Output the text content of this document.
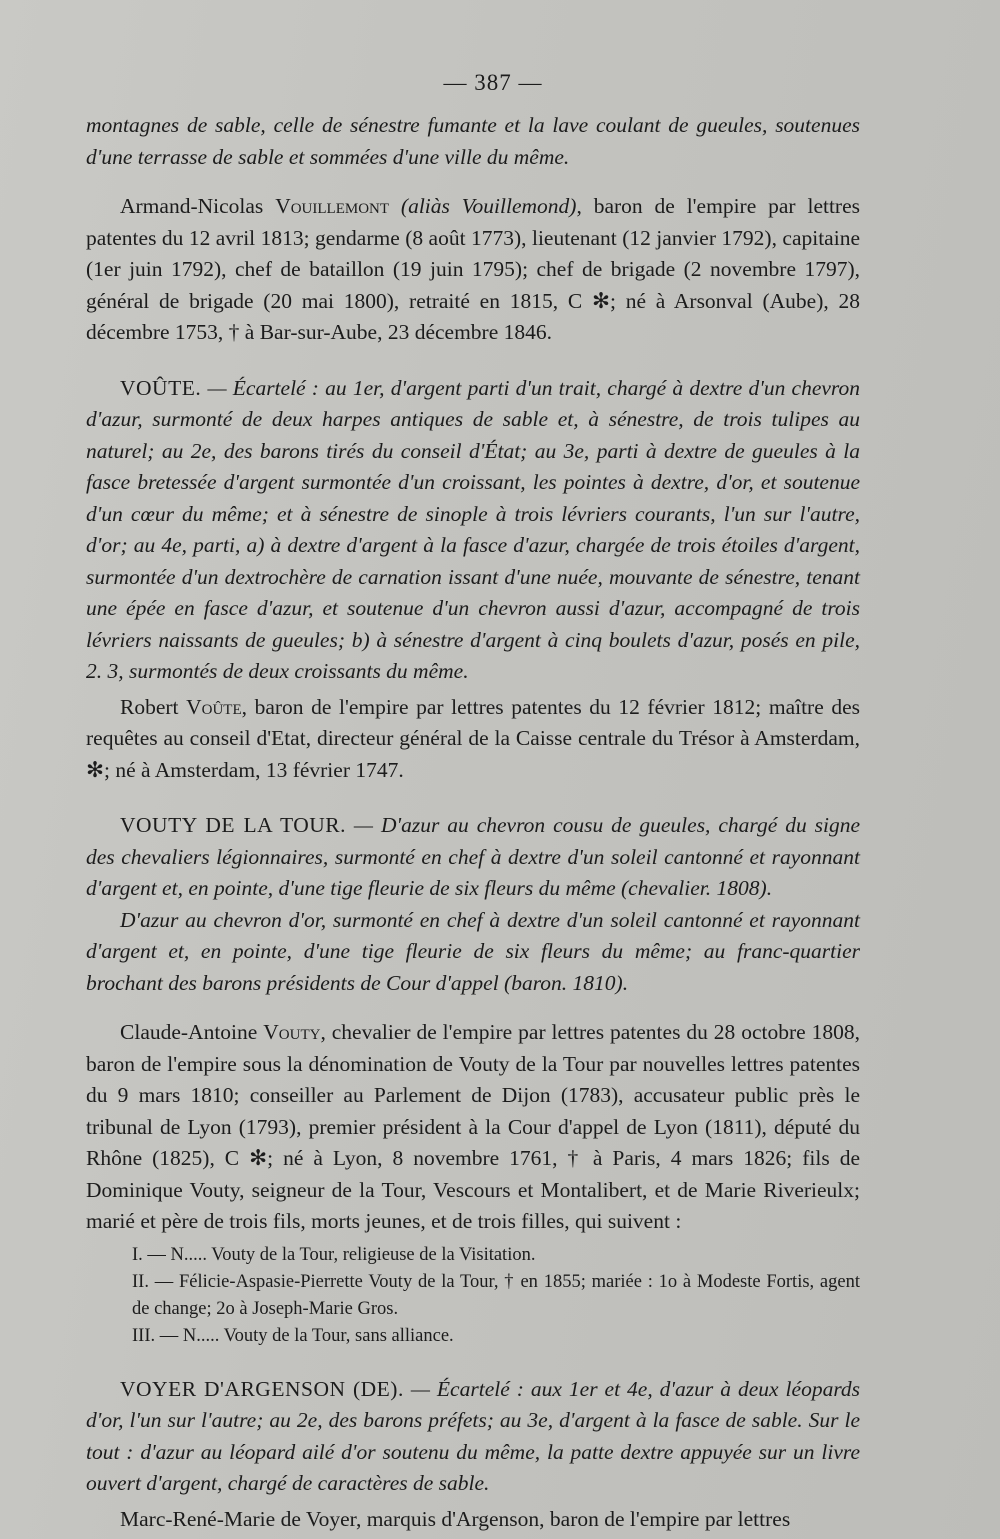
— 387 —

montagnes de sable, celle de sénestre fumante et la lave coulant de gueules, soutenues d'une terrasse de sable et sommées d'une ville du même.

Armand-Nicolas Vouillemont (aliàs Vouillemond), baron de l'empire par lettres patentes du 12 avril 1813; gendarme (8 août 1773), lieutenant (12 janvier 1792), capitaine (1er juin 1792), chef de bataillon (19 juin 1795); chef de brigade (2 novembre 1797), général de brigade (20 mai 1800), retraité en 1815, C ✻; né à Arsonval (Aube), 28 décembre 1753, † à Bar-sur-Aube, 23 décembre 1846.

VOÛTE. — Écartelé : au 1er, d'argent parti d'un trait, chargé à dextre d'un chevron d'azur, surmonté de deux harpes antiques de sable et, à sénestre, de trois tulipes au naturel; au 2e, des barons tirés du conseil d'État; au 3e, parti à dextre de gueules à la fasce bretessée d'argent surmontée d'un croissant, les pointes à dextre, d'or, et soutenue d'un cœur du même; et à sénestre de sinople à trois lévriers courants, l'un sur l'autre, d'or; au 4e, parti, a) à dextre d'argent à la fasce d'azur, chargée de trois étoiles d'argent, surmontée d'un dextrochère de carnation issant d'une nuée, mouvante de sénestre, tenant une épée en fasce d'azur, et soutenue d'un chevron aussi d'azur, accompagné de trois lévriers naissants de gueules; b) à sénestre d'argent à cinq boulets d'azur, posés en pile, 2. 3, surmontés de deux croissants du même.

Robert Voûte, baron de l'empire par lettres patentes du 12 février 1812; maître des requêtes au conseil d'Etat, directeur général de la Caisse centrale du Trésor à Amsterdam, ✻; né à Amsterdam, 13 février 1747.

VOUTY DE LA TOUR. — D'azur au chevron cousu de gueules, chargé du signe des chevaliers légionnaires, surmonté en chef à dextre d'un soleil cantonné et rayonnant d'argent et, en pointe, d'une tige fleurie de six fleurs du même (chevalier. 1808).

D'azur au chevron d'or, surmonté en chef à dextre d'un soleil cantonné et rayonnant d'argent et, en pointe, d'une tige fleurie de six fleurs du même; au franc-quartier brochant des barons présidents de Cour d'appel (baron. 1810).

Claude-Antoine Vouty, chevalier de l'empire par lettres patentes du 28 octobre 1808, baron de l'empire sous la dénomination de Vouty de la Tour par nouvelles lettres patentes du 9 mars 1810; conseiller au Parlement de Dijon (1783), accusateur public près le tribunal de Lyon (1793), premier président à la Cour d'appel de Lyon (1811), député du Rhône (1825), C ✻; né à Lyon, 8 novembre 1761, † à Paris, 4 mars 1826; fils de Dominique Vouty, seigneur de la Tour, Vescours et Montalibert, et de Marie Riverieulx; marié et père de trois fils, morts jeunes, et de trois filles, qui suivent :

I. — N..... Vouty de la Tour, religieuse de la Visitation.

II. — Félicie-Aspasie-Pierrette Vouty de la Tour, † en 1855; mariée : 1o à Modeste Fortis, agent de change; 2o à Joseph-Marie Gros.

III. — N..... Vouty de la Tour, sans alliance.

VOYER D'ARGENSON (DE). — Écartelé : aux 1er et 4e, d'azur à deux léopards d'or, l'un sur l'autre; au 2e, des barons préfets; au 3e, d'argent à la fasce de sable. Sur le tout : d'azur au léopard ailé d'or soutenu du même, la patte dextre appuyée sur un livre ouvert d'argent, chargé de caractères de sable.

Marc-René-Marie de Voyer, marquis d'Argenson, baron de l'empire par lettres
